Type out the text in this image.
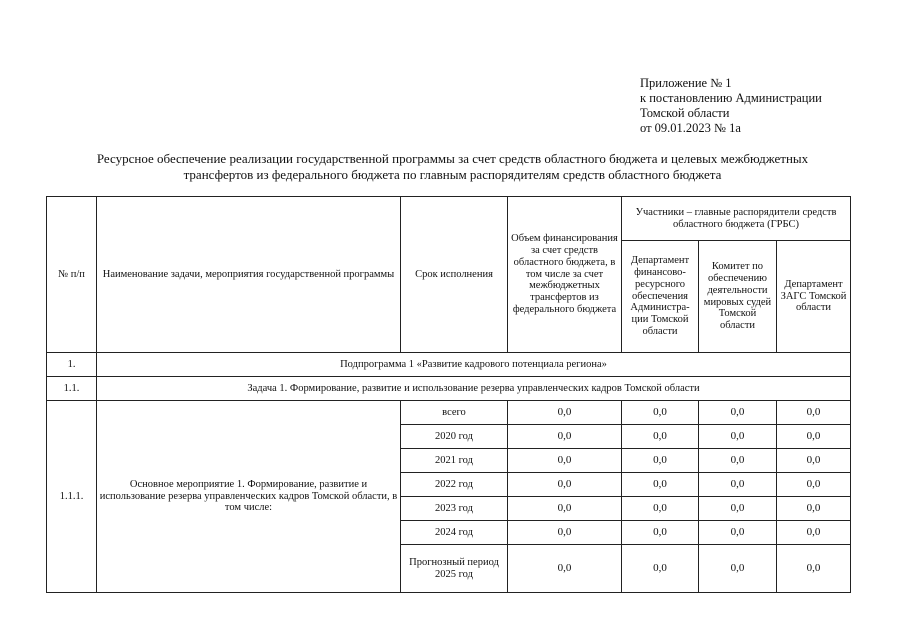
Приложение № 1
к постановлению Администрации
Томской области
от 09.01.2023 № 1а
Ресурсное обеспечение реализации государственной программы за счет средств областного бюджета и целевых межбюджетных
трансфертов из федерального бюджета по главным распорядителям средств областного бюджета
№ п/п	Наименование задачи, мероприятия государственной программы	Срок исполнения	Объем финансирования за счет средств областного бюджета, в том числе за счет межбюджетных трансфертов из федерального бюджета	Участники – главные распорядители средств областного бюджета (ГРБС)		
				Департамент финансово-ресурсного обеспечения Администра-ции Томской области	Комитет по обеспечению деятельности мировых судей Томской области	Департамент ЗАГС Томской области
1.	Подпрограмма 1 «Развитие кадрового потенциала региона»					
1.1.	Задача 1. Формирование, развитие и использование резерва управленческих кадров Томской области					
1.1.1.	Основное мероприятие 1. Формирование, развитие и использование резерва управленческих кадров Томской области, в том числе:	всего	0,0	0,0	0,0	0,0
		2020 год	0,0	0,0	0,0	0,0
		2021 год	0,0	0,0	0,0	0,0
		2022 год	0,0	0,0	0,0	0,0
		2023 год	0,0	0,0	0,0	0,0
		2024 год	0,0	0,0	0,0	0,0
		Прогнозный период 2025 год	0,0	0,0	0,0	0,0
